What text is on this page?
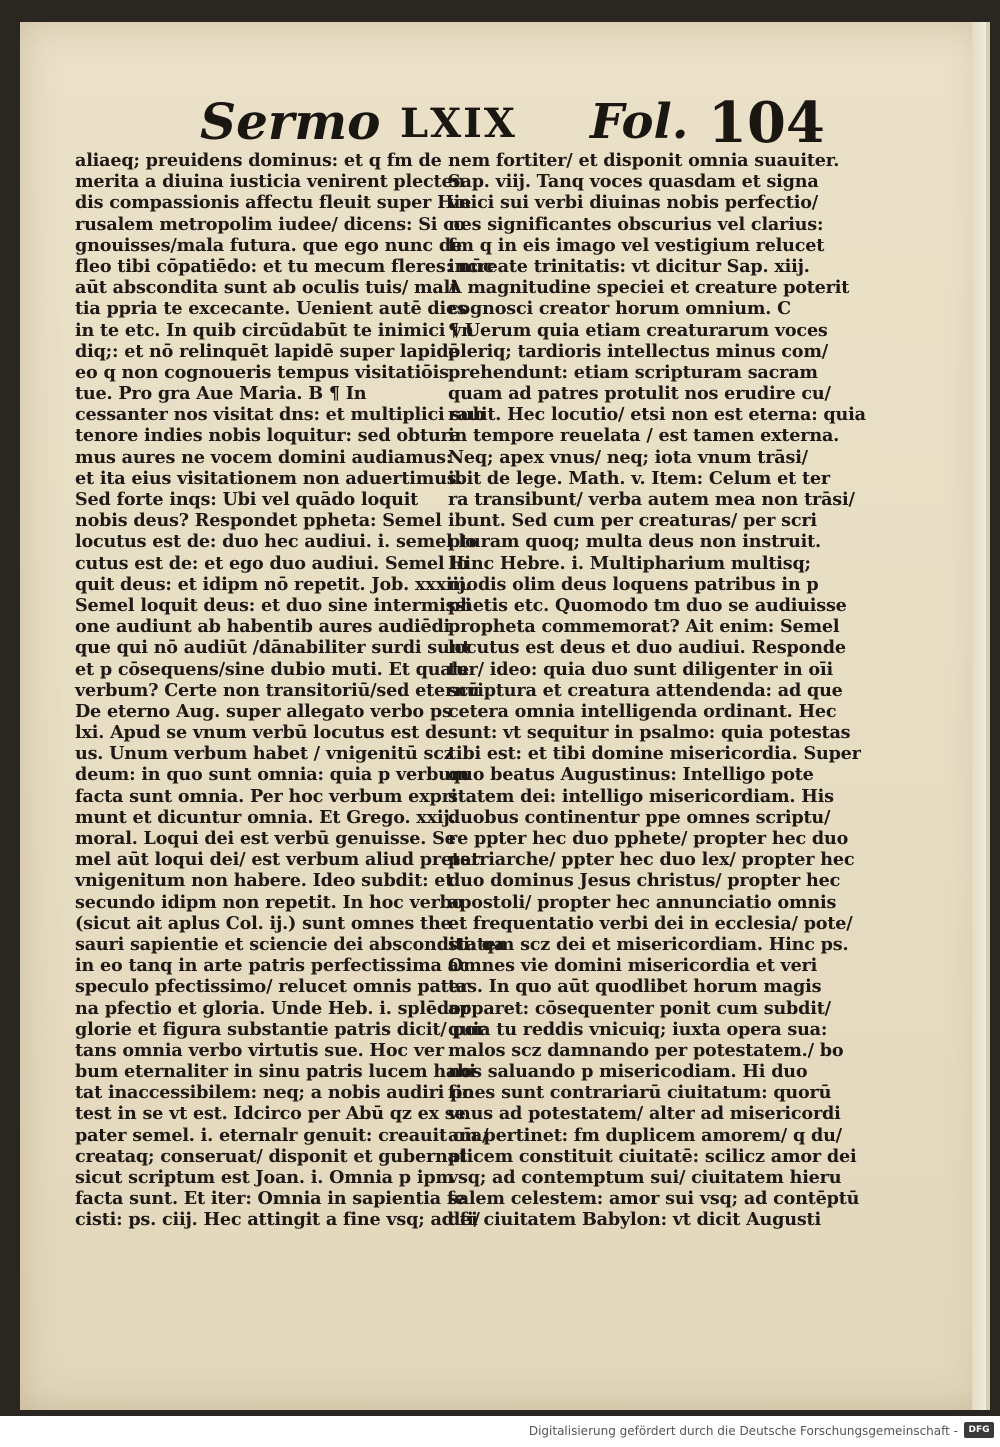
Sermo LXIX Fol. 104
aliaeq; preuidens dominus: et q fm de
merita a diuina iusticia venirent plecten
dis compassionis affectu fleuit super Hie
rusalem metropolim iudee/ dicens: Si co
gnouisses/mala futura. que ego nunc de
fleo tibi cōpatiēdo: et tu mecum fleres: nūc
aūt abscondita sunt ab oculis tuis/ mali
tia ppria te excecante. Uenient autē dies
in te etc. In quib circūdabūt te inimici vn
diq;: et nō relinquēt lapidē super lapidē
eo q non cognoueris tempus visitatiōis
tue. Pro gra Aue Maria. B ¶ In
cessanter nos visitat dns: et multiplici sub
tenore indies nobis loquitur: sed obtura
mus aures ne vocem domini audiamus:
et ita eius visitationem non aduertimus.
Sed forte inqs: Ubi vel quādo loquit
nobis deus? Respondet ppheta: Semel
locutus est de: duo hec audiui. i. semel lo
cutus est de: et ego duo audiui. Semel lo
quit deus: et idipm nō repetit. Job. xxxiij.
Semel loquit deus: et duo sine intermissi
one audiunt ab habentib aures audiēdi
que qui nō audiūt /dānabiliter surdi sunt
et p cōsequens/sine dubio muti. Et quale
verbum? Certe non transitoriū/sed eternū
De eterno Aug. super allegato verbo ps
lxi. Apud se vnum verbū locutus est de
us. Unum verbum habet / vnigenitū scz
deum: in quo sunt omnia: quia p verbum
facta sunt omnia. Per hoc verbum expri
munt et dicuntur omnia. Et Grego. xxij.
moral. Loqui dei est verbū genuisse. Se
mel aūt loqui dei/ est verbum aliud preter
vnigenitum non habere. Ideo subdit: et
secundo idipm non repetit. In hoc verbo
(sicut ait aplus Col. ij.) sunt omnes the
sauri sapientie et sciencie dei absconditi: qa
in eo tanq in arte patris perfectissima ac
speculo pfectissimo/ relucet omnis pater
na pfectio et gloria. Unde Heb. i. splēdor
glorie et figura substantie patris dicit/ por
tans omnia verbo virtutis sue. Hoc ver
bum eternaliter in sinu patris lucem habi
tat inaccessibilem: neq; a nobis audiri po
test in se vt est. Idcirco per Abū qz ex se
pater semel. i. eternalr genuit: creauit oīa/
creataq; conseruat/ disponit et gubernat:
sicut scriptum est Joan. i. Omnia p ipm
facta sunt. Et iter: Omnia in sapientia fe
cisti: ps. ciij. Hec attingit a fine vsq; ad fi/
nem fortiter/ et disponit omnia suauiter.
Sap. viij. Tanq voces quasdam et signa
vnici sui verbi diuinas nobis perfectio/
nes significantes obscurius vel clarius:
fm q in eis imago vel vestigium relucet
increate trinitatis: vt dicitur Sap. xiij.
A magnitudine speciei et creature poterit
cognosci creator horum omnium. C
¶ Uerum quia etiam creaturarum voces
pleriq; tardioris intellectus minus com/
prehendunt: etiam scripturam sacram
quam ad patres protulit nos erudire cu/
rauit. Hec locutio/ etsi non est eterna: quia
in tempore reuelata / est tamen externa.
Neq; apex vnus/ neq; iota vnum trāsi/
ibit de lege. Math. v. Item: Celum et ter
ra transibunt/ verba autem mea non trāsi/
ibunt. Sed cum per creaturas/ per scri
pturam quoq; multa deus non instruit.
Hinc Hebre. i. Multipharium multisq;
modis olim deus loquens patribus in p
phetis etc. Quomodo tm duo se audiuisse
propheta commemorat? Ait enim: Semel
locutus est deus et duo audiui. Responde
tur/ ideo: quia duo sunt diligenter in oīi
scriptura et creatura attendenda: ad que
cetera omnia intelligenda ordinant. Hec
sunt: vt sequitur in psalmo: quia potestas
tibi est: et tibi domine misericordia. Super
quo beatus Augustinus: Intelligo pote
statem dei: intelligo misericordiam. His
duobus continentur ppe omnes scriptu/
re ppter hec duo pphete/ propter hec duo
patriarche/ ppter hec duo lex/ propter hec
duo dominus Jesus christus/ propter hec
apostoli/ propter hec annunciatio omnis
et frequentatio verbi dei in ecclesia/ pote/
statem scz dei et misericordiam. Hinc ps.
Omnes vie domini misericordia et veri
tas. In quo aūt quodlibet horum magis
apparet: cōsequenter ponit cum subdit/
quia tu reddis vnicuiq; iuxta opera sua:
malos scz damnando per potestatem./ bo
nos saluando p misericodiam. Hi duo
fines sunt contrariarū ciuitatum: quorū
vnus ad potestatem/ alter ad misericordi
am pertinet: fm duplicem amorem/ q du/
plicem constituit ciuitatē: scilicz amor dei
vsq; ad contemptum sui/ ciuitatem hieru
salem celestem: amor sui vsq; ad contēptū
dei ciuitatem Babylon: vt dicit Augusti
Digitalisierung gefördert durch die Deutsche Forschungsgemeinschaft -	DFG
